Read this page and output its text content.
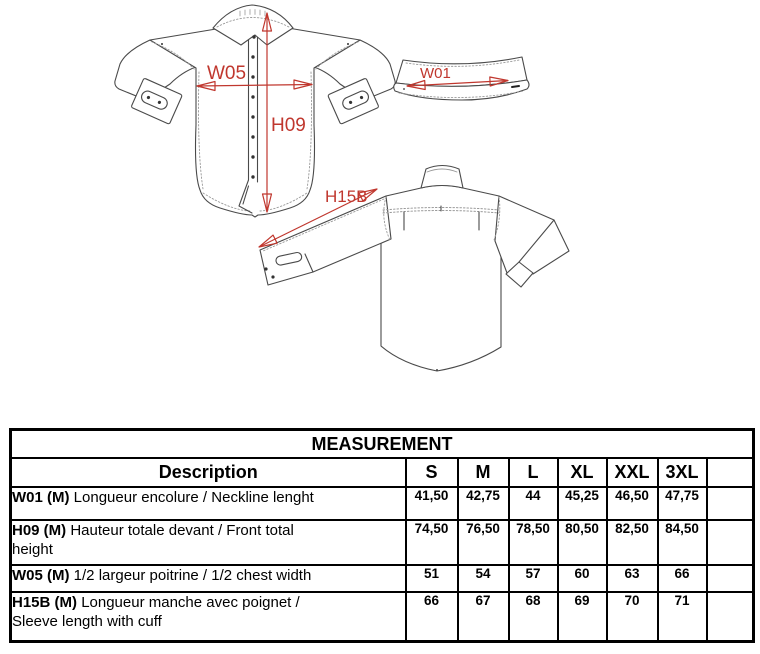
W05
H09
W01
H15B
MEASUREMENT							
Description	S	M	L	XL	XXL	3XL	

W01 (M) Longueur encolure / Neckline lenght	41,50	42,75	44	45,25	46,50	47,75	

H09 (M) Hauteur totale devant / Front total
height	74,50	76,50	78,50	80,50	82,50	84,50	

W05 (M) 1/2 largeur poitrine / 1/2 chest width	51	54	57	60	63	66	

H15B (M) Longueur manche avec poignet /
Sleeve length with cuff	66	67	68	69	70	71	
